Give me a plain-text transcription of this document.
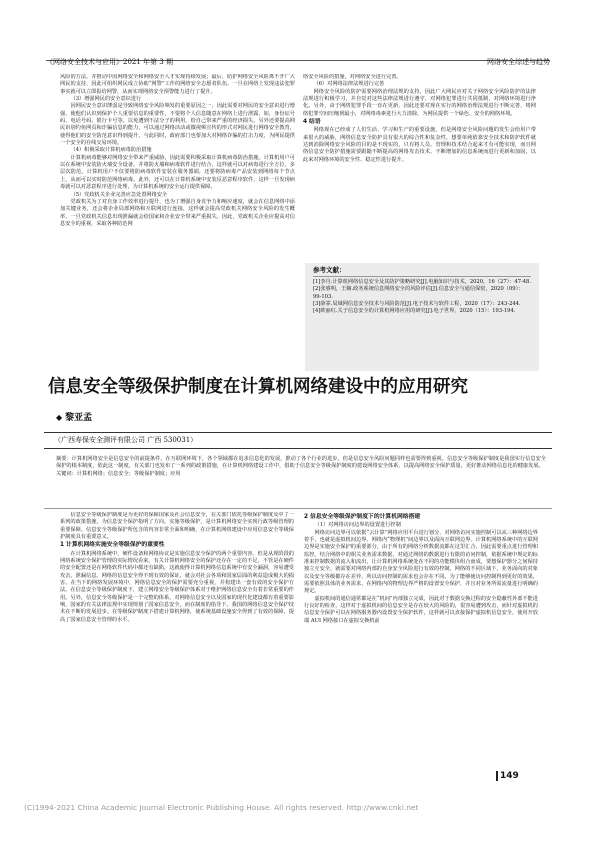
《网络安全技术与应用》2021 年第 3 期	网络安全综述与趋势

风险的方法，并推动中国网络安全和网络安全人才实现持续发展；最后，防护网络安全风险离不开广大网民的支持，因此可组织网民成立协助“网警”工作的网络安全志愿者队伍，一旦在网络上发现违法犯罪事实就可以立即报给网警，从而实现网络安全预警能力进行了提升。

（3）增强网民的安全意识进行

因网民安全意识薄弱是导致网络安全风险频发的重要原因之一，因此需要对网民的安全意识进行增强，使他们认识到保护个人重要信息的重要性，不要将个人信息随意在网络上进行泄露，如，身份证号码、电话号码、银行卡号等。以免遭到不法分子的利用，给自己带来严重的经济损失。另外还要提高网民识别钓鱼网页和诈骗信息的能力，可以通过网络活动或微视频宣传的形式对网民进行网络安全教育，使得他们的安全防范意识得到提升，与此同时，政府部门也要加大对网络诈骗的打击力度，为网民提供一个安全的在线交易环境。

（4）积极采取计算机病毒防治措施

计算机病毒能够对网络安全带来严重威胁，因此需要积极采取计算机病毒防治措施。计算机用户可以在系统中安装防火墙安全设备，并将防火墙和病毒软件进行结合，这样就可以对病毒进行全方位、多层次防范。计算机用户不仅要将防病毒软件安装在服务器端，还要将防病毒产品安装到网络每个节点上，从而可以实时防范网络病毒。此外，还可以在计算机系统中安装反恶意程序软件，这样一旦发现病毒就可以对恶意程序进行处理，为计算机系统的安全运行提供保障。

（5）党政机关企业完善应急处置网络安全

党政机关为了对自身工作效率进行提升，也为了增强自身竞争力和响应速度，就会在信息网络中添加关键业务，还会将企业局部网络和互联网进行连接，这样就会提高党政机关网络安全风险的发生概率。一旦党政机关信息出现泄漏就会给国家和企业安全带来严重损失。因此，党政机关企业应提高对信息安全的重视，采取各种防范网

络安全风险的措施，对网络安全进行完善。

（6）对网络法律法规进行完善

网络安全风险的防护需要网络治理法规的支持，因此广大网民应对关于网络安全风险防护的法律法规进行积极学习，并自觉对这些法律法规进行遵守，对网络犯罪进行共同抵制，对网络环境进行净化。另外，由于网络犯罪手段一直在更新，因此还要对现在实行的网络治理法规进行不断完善，将网络犯罪空间压缩到最小，对网络毒素进行大力清除，为网民提供一个绿色、安全的网络环境。

4 结语

网络现在已经成了人们生活、学习和生产的重要设施，但是网络安全风险问题的发生会给用户带来很大的威胁，网络信息安全防护具有很大的综合性和复杂性，想要单纯依靠安全技术和防护软件就达到消除网络安全风险的目的是不现实的，只有将人员、管理和技术结合起来才有可能实现，而且网络信息安全防护措施需要跟随不断提高的网络攻击技术、不断增加的信息系统而进行更新和加固，以此来对网络环境的安全性、稳定性进行提升。

参考文献：

[1]李丹.计算机网络信息安全及其防护策略研究[J].电脑知识与技术，2020，16（27）：47-48.

[2]张睿明，王娴.政务系统信息网络安全的风险评估[J].信息安全与通信保密，2020（09）：99-103.

[3]薛霏.局域网信息安全技术与风险防范[J].电子技术与软件工程，2020（17）：243-244.

[4]欧丽红.关于信息安全的计算机网络应用的研究[J].电子世界，2020（15）：193-194.

信息安全等级保护制度在计算机网络建设中的应用研究
◆ 黎亚孟
（广西寿保安全测评有限公司 广西 530031）

摘要：计算机网络安全是信息安全的前提条件，在互联网环境下，各个领域都在追求信息化的发展，推动了各个行业的进步。但是信息安全风险问题同样也需要得到重视。信息安全等级保护制度是我国实行信息安全保护的根本制度，依此这一制度，有关部门也发布了一系列的政策措施，在计算机网络建设工作中，借助于信息安全等级保护制度的建设网络安全体系，以提高网络安全保护质量，更好推动网络信息化的健康发展。

关键词：计算机网络；信息安全；等级保护制度；应用

信息安全等级保护制度是为更好的保障国家及社会信息安全，在关部门依托等级保护制度及中了一系列的政策措施，为信息安全保护指明了方向。实施等级保护，是计算机网络安全实现行政等级管理的重要保障。信息安全等级保护所包含的内容非常全面和明确，在计算机网络建设中应用信息安全等级保护制度具有重要意义。

1 计算机网络实施安全等级保护的重要性

在计算机网络系统中，硬件设备和网络协议是实施信息安全保护的两个重要内容，但是从现阶段的网络系统安全保护管理的实际情况看来，有关计算机网络安全的保护还存在一定的不足，不管是在硬件的安全配置还是在网络软件代码中都还有缺陷，这就使得计算机网络信息系统中有安全漏洞，容易遭受攻击、泄漏信息。网络的信息安全得不到有效的保证，就会对社会各项和国家层面的利益造成极大的损害。在当下的网络发展环境中，网络信息安全的保护需要充分重视，并构建出一套有效的安全保护方法。在信息安全等级保护制度下，建立网络安全等级保护体系对于维护网络信息安全有着非常重要的作用。另外，信息安全等级保护是一个完整的体系，对网络信息安全以及国家的现代化建设都有着重要影响，国家的有关法律法规中实现规划了国家信息安全，而在制度的指导下，我国的网络信息安全保护技术在不断的发展进步。在等级保护制度下搭建计算机网络，使系统基础设施安全得到了有效的保障，提高了国家信息安全管理的水平。

2 信息安全等级保护制度下的计算机网络搭建

（1）对网络访问边界的设置进行控制

网络访问边界可以依据“云计算”网络应用平台进行划分，对网络访问实施控制可以从三种网络边界着手，也就是虚拟机间边界、网络内“物理机”间边界以及面向互联网边界。计算机网络系统中的互联网边界是实施安全保护的重要部分，由于所有的网络分析数据流都在这里汇合，因此需要重点进行管理和监控。结合网络中的相关业务需求数据，对通过网络的数据进行有限的访问控制，依据系统中规定的标准来控制数据的流入和流出，让计算机网络系统处在不同的功能模块组合而成，要想保护器分之间保持独立互安全，就需要对网络内部的自身安全风险进行有效的控制，网络的不同区域下，业务面向的对象以及安全等级都存在差异，所以访问控制的需求也会存在不同。为了能够使访问控制得到更好的效果，需要依照具体的业务需求，在网络内的物理边界严格的设置安全保护，并且对业务所需流量进行明确的规定。

虚拟机间的通信通常都是在“机间”内部独立完成，因此对于数据交换过程的安全隐蔽性外部不能进行良好的检查，这样对于虚拟机间的信息安全是存在较大的风险的，很容易遭到攻击，而针对虚拟机的信息安全保护可以在网络服务器内设置安全保护软件，这样就可以直接保护虚拟机信息安全，使用开放端 AUI 网络接口在虚拟交换机前

149
(C)1994-2021 China Academic Journal Electronic Publishing House. All rights reserved. http://www.cnki.net
